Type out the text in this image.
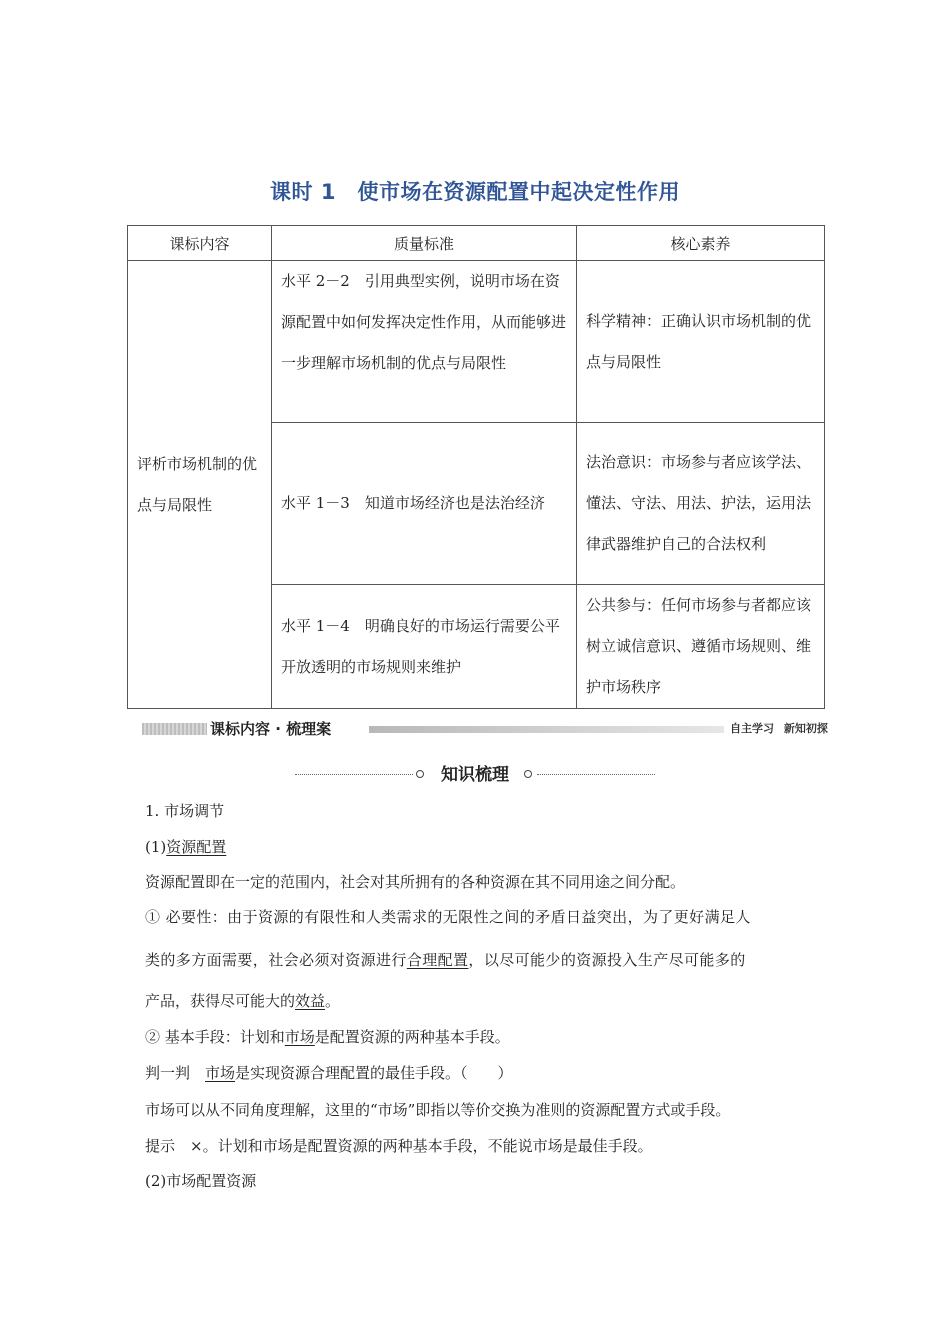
课时 1　使市场在资源配置中起决定性作用
课标内容	质量标准	核心素养
评析市场机制的优点与局限性	水平 2－2　引用典型实例，说明市场在资源配置中如何发挥决定性作用，从而能够进一步理解市场机制的优点与局限性	科学精神：正确认识市场机制的优点与局限性
	水平 1－3　知道市场经济也是法治经济	法治意识：市场参与者应该学法、懂法、守法、用法、护法，运用法律武器维护自己的合法权利
	水平 1－4　明确良好的市场运行需要公平开放透明的市场规则来维护	公共参与：任何市场参与者都应该树立诚信意识、遵循市场规则、维护市场秩序
课标内容 · 梳理案	自主学习 新知初探
知识梳理
1. 市场调节
(1)资源配置
资源配置即在一定的范围内，社会对其所拥有的各种资源在其不同用途之间分配。
① 必要性：由于资源的有限性和人类需求的无限性之间的矛盾日益突出，为了更好满足人
类的多方面需要，社会必须对资源进行合理配置，以尽可能少的资源投入生产尽可能多的
产品，获得尽可能大的效益。
② 基本手段：计划和市场是配置资源的两种基本手段。
判一判　市场是实现资源合理配置的最佳手段。（　　）
市场可以从不同角度理解，这里的“市场”即指以等价交换为准则的资源配置方式或手段。
提示　×。计划和市场是配置资源的两种基本手段，不能说市场是最佳手段。
(2)市场配置资源
